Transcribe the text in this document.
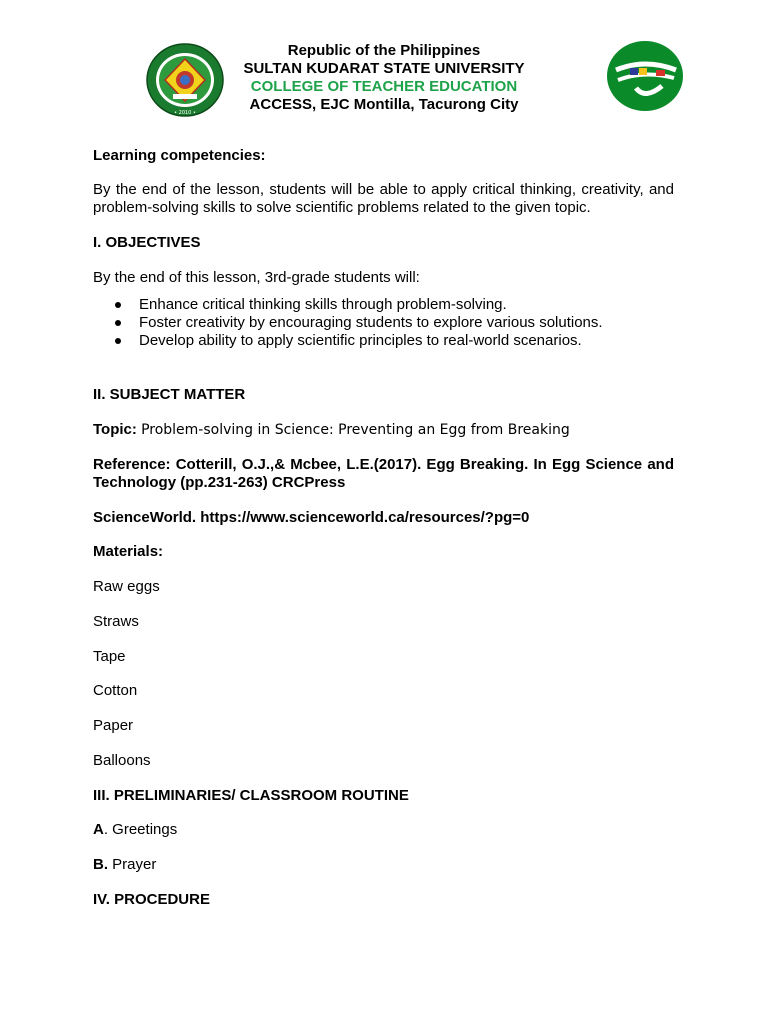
• 2010 •
Republic of the Philippines
SULTAN KUDARAT STATE UNIVERSITY
COLLEGE OF TEACHER EDUCATION
ACCESS, EJC Montilla, Tacurong City

Learning competencies:

By the end of the lesson, students will be able to apply critical thinking, creativity, and problem-solving skills to solve scientific problems related to the given topic.

I. OBJECTIVES

By the end of this lesson, 3rd-grade students will:

Enhance critical thinking skills through problem-solving.
Foster creativity by encouraging students to explore various solutions.
Develop ability to apply scientific principles to real-world scenarios.

II. SUBJECT MATTER

Topic: Problem-solving in Science: Preventing an Egg from Breaking

Reference: Cotterill, O.J.,& Mcbee, L.E.(2017). Egg Breaking. In Egg Science and Technology (pp.231-263) CRCPress

ScienceWorld. https://www.scienceworld.ca/resources/?pg=0

Materials:

Raw eggs

Straws

Tape

Cotton

Paper

Balloons

III. PRELIMINARIES/ CLASSROOM ROUTINE

A. Greetings

B. Prayer

IV. PROCEDURE
